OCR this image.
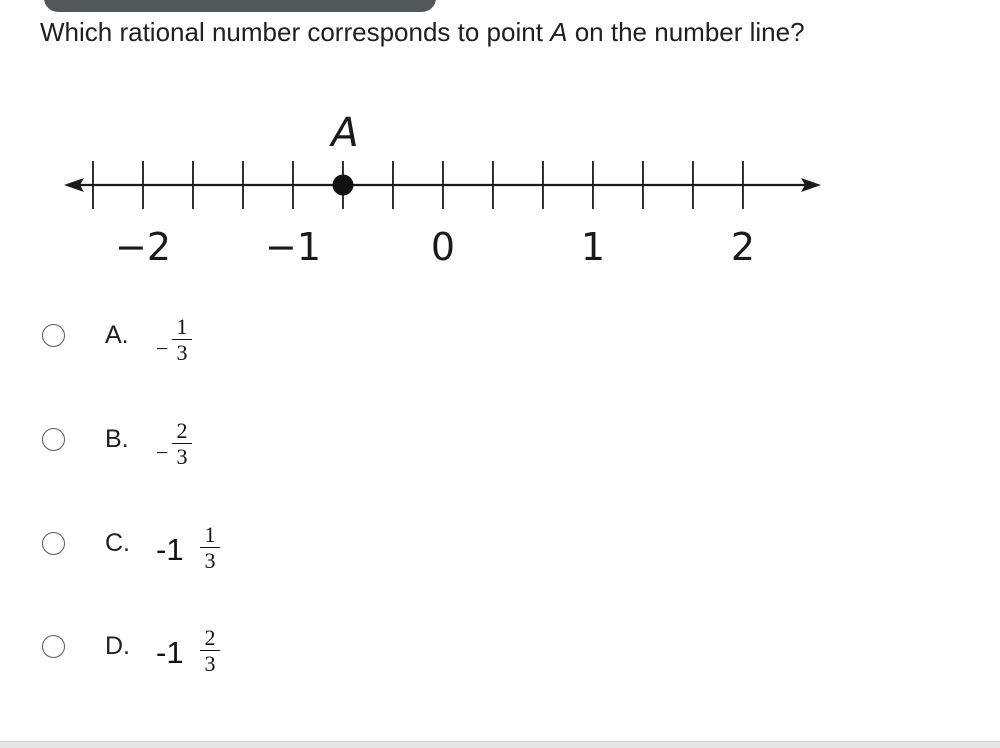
Which rational number corresponds to point A on the number line?
−2 −1	0	1	2
A
A. −
1
3
B. −
2
3
C. -1 1
3
D. -1 2
3
